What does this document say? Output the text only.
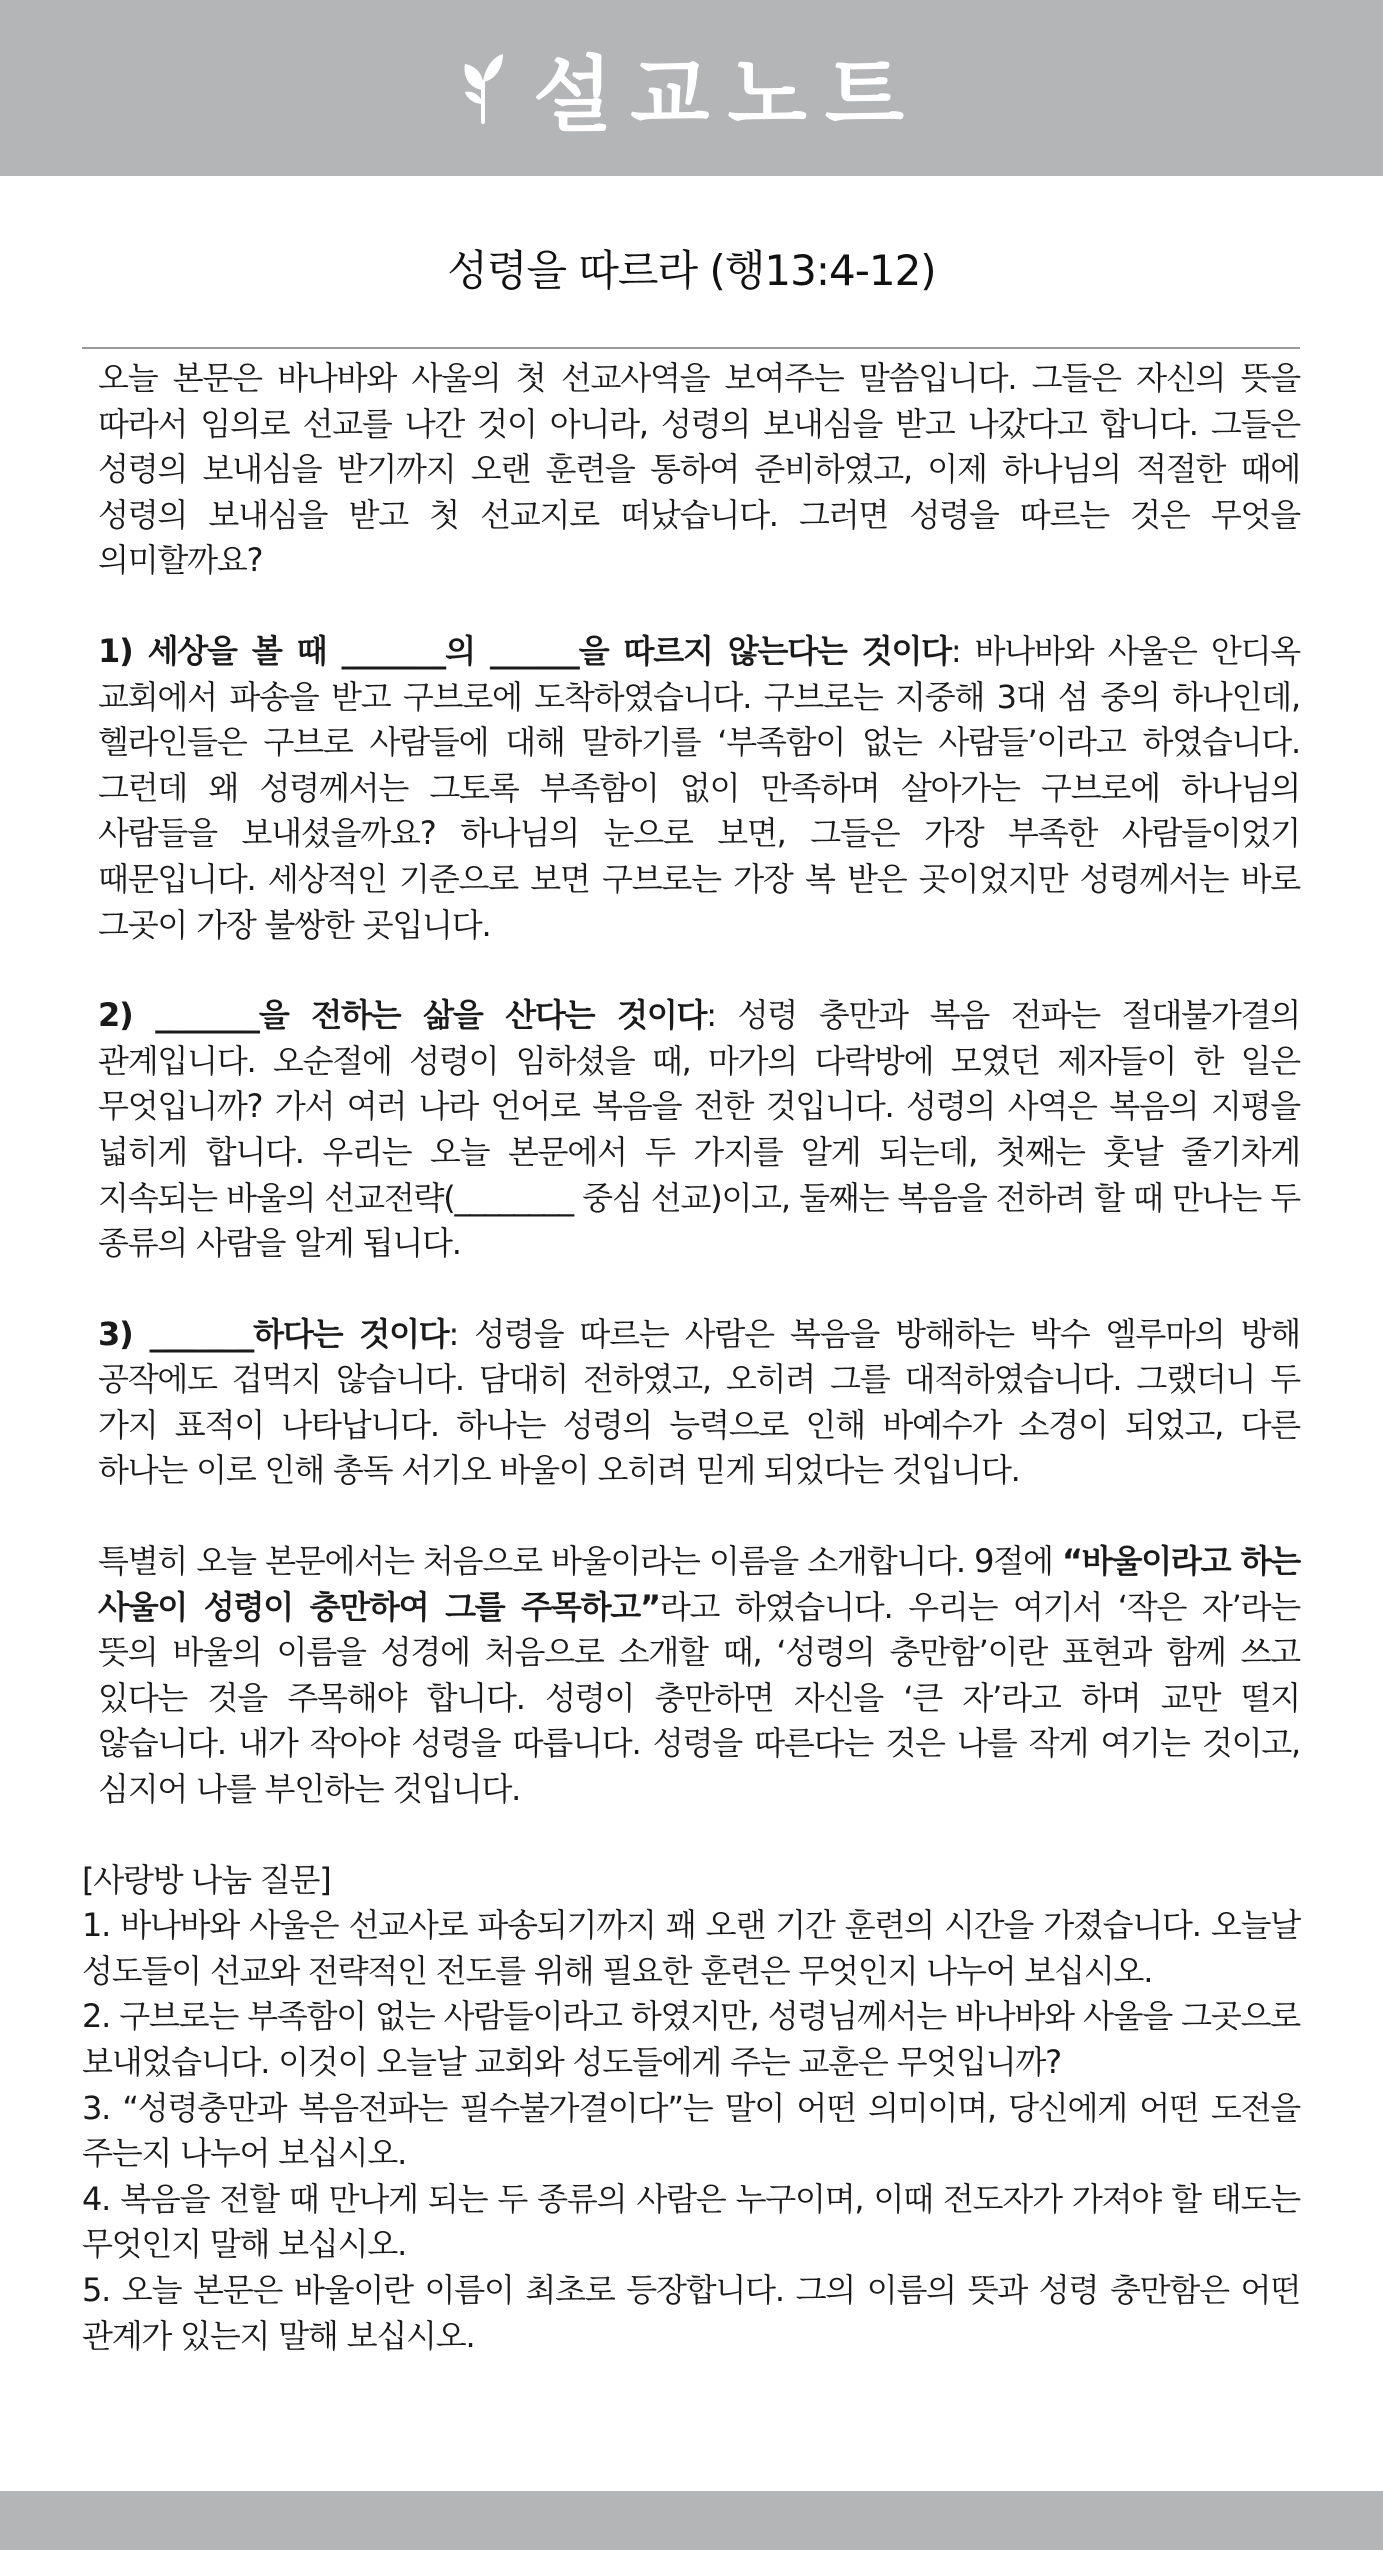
설교노트
성령을 따르라 (행13:4-12)

오늘 본문은 바나바와 사울의 첫 선교사역을 보여주는 말씀입니다. 그들은 자신의 뜻을 따라서 임의로 선교를 나간 것이 아니라, 성령의 보내심을 받고 나갔다고 합니다. 그들은 성령의 보내심을 받기까지 오랜 훈련을 통하여 준비하였고, 이제 하나님의 적절한 때에 성령의 보내심을 받고 첫 선교지로 떠났습니다. 그러면 성령을 따르는 것은 무엇을 의미할까요?

1) 세상을 볼 때 _______의 ______을 따르지 않는다는 것이다: 바나바와 사울은 안디옥 교회에서 파송을 받고 구브로에 도착하였습니다. 구브로는 지중해 3대 섬 중의 하나인데, 헬라인들은 구브로 사람들에 대해 말하기를 ‘부족함이 없는 사람들’이라고 하였습니다. 그런데 왜 성령께서는 그토록 부족함이 없이 만족하며 살아가는 구브로에 하나님의 사람들을 보내셨을까요? 하나님의 눈으로 보면, 그들은 가장 부족한 사람들이었기 때문입니다. 세상적인 기준으로 보면 구브로는 가장 복 받은 곳이었지만 성령께서는 바로 그곳이 가장 불쌍한 곳입니다.

2) _______을 전하는 삶을 산다는 것이다: 성령 충만과 복음 전파는 절대불가결의 관계입니다. 오순절에 성령이 임하셨을 때, 마가의 다락방에 모였던 제자들이 한 일은 무엇입니까? 가서 여러 나라 언어로 복음을 전한 것입니다. 성령의 사역은 복음의 지평을 넓히게 합니다. 우리는 오늘 본문에서 두 가지를 알게 되는데, 첫째는 훗날 줄기차게 지속되는 바울의 선교전략(________ 중심 선교)이고, 둘째는 복음을 전하려 할 때 만나는 두 종류의 사람을 알게 됩니다.

3) _______하다는 것이다: 성령을 따르는 사람은 복음을 방해하는 박수 엘루마의 방해 공작에도 겁먹지 않습니다. 담대히 전하였고, 오히려 그를 대적하였습니다. 그랬더니 두 가지 표적이 나타납니다. 하나는 성령의 능력으로 인해 바예수가 소경이 되었고, 다른 하나는 이로 인해 총독 서기오 바울이 오히려 믿게 되었다는 것입니다.

특별히 오늘 본문에서는 처음으로 바울이라는 이름을 소개합니다. 9절에 “바울이라고 하는 사울이 성령이 충만하여 그를 주목하고”라고 하였습니다. 우리는 여기서 ‘작은 자’라는 뜻의 바울의 이름을 성경에 처음으로 소개할 때, ‘성령의 충만함’이란 표현과 함께 쓰고 있다는 것을 주목해야 합니다. 성령이 충만하면 자신을 ‘큰 자’라고 하며 교만 떨지 않습니다. 내가 작아야 성령을 따릅니다. 성령을 따른다는 것은 나를 작게 여기는 것이고, 심지어 나를 부인하는 것입니다.

[사랑방 나눔 질문]
1. 바나바와 사울은 선교사로 파송되기까지 꽤 오랜 기간 훈련의 시간을 가졌습니다. 오늘날 성도들이 선교와 전략적인 전도를 위해 필요한 훈련은 무엇인지 나누어 보십시오.
2. 구브로는 부족함이 없는 사람들이라고 하였지만, 성령님께서는 바나바와 사울을 그곳으로 보내었습니다. 이것이 오늘날 교회와 성도들에게 주는 교훈은 무엇입니까?
3. “성령충만과 복음전파는 필수불가결이다”는 말이 어떤 의미이며, 당신에게 어떤 도전을 주는지 나누어 보십시오.
4. 복음을 전할 때 만나게 되는 두 종류의 사람은 누구이며, 이때 전도자가 가져야 할 태도는 무엇인지 말해 보십시오.
5. 오늘 본문은 바울이란 이름이 최초로 등장합니다. 그의 이름의 뜻과 성령 충만함은 어떤 관계가 있는지 말해 보십시오.
